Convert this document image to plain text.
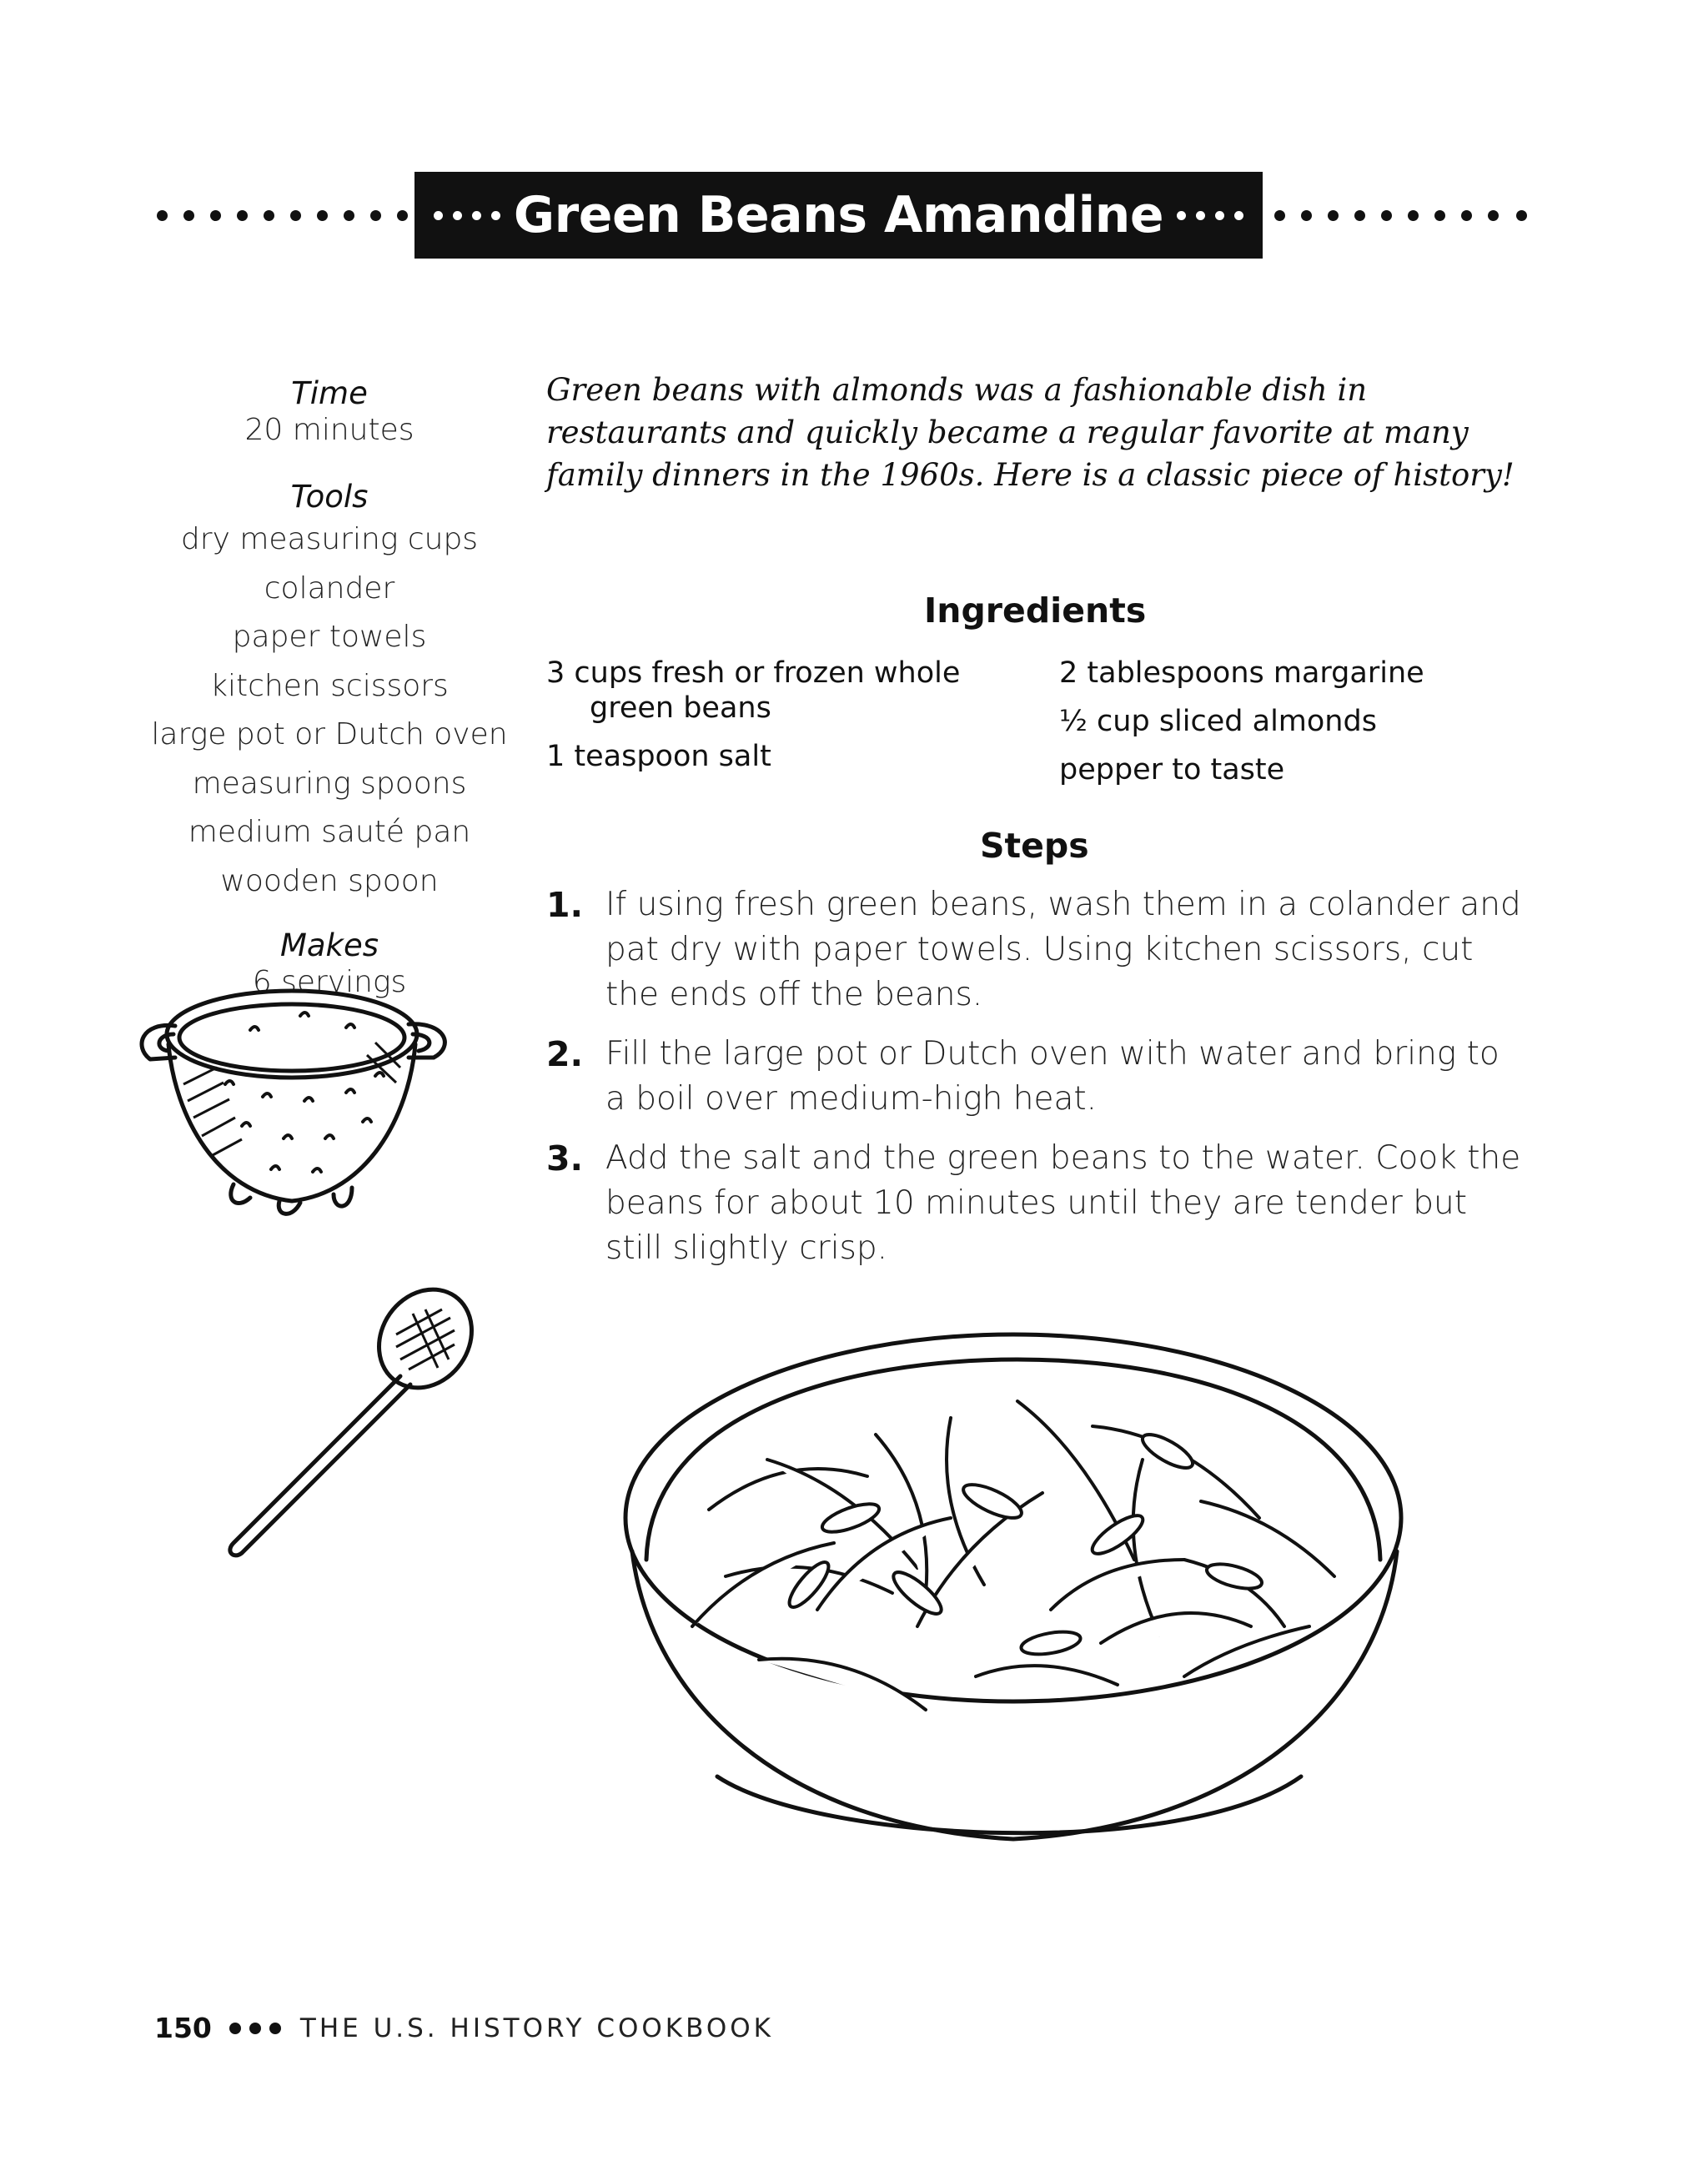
Green Beans Amandine
Time
20 minutes
Tools
dry measuring cups
colander
paper towels
kitchen scissors
large pot or Dutch oven
measuring spoons
medium sauté pan
wooden spoon
Makes
6 servings
Green beans with almonds was a fashionable dish in restaurants and quickly became a regular favorite at many family dinners in the 1960s. Here is a classic piece of history!
Ingredients
3 cups fresh or frozen whole green beans
1 teaspoon salt
2 tablespoons margarine
½ cup sliced almonds
pepper to taste
Steps
1. If using fresh green beans, wash them in a colander and pat dry with paper towels. Using kitchen scissors, cut the ends off the beans.
2. Fill the large pot or Dutch oven with water and bring to a boil over medium-high heat.
3. Add the salt and the green beans to the water. Cook the beans for about 10 minutes until they are tender but still slightly crisp.
150	THE U.S. HISTORY COOKBOOK
